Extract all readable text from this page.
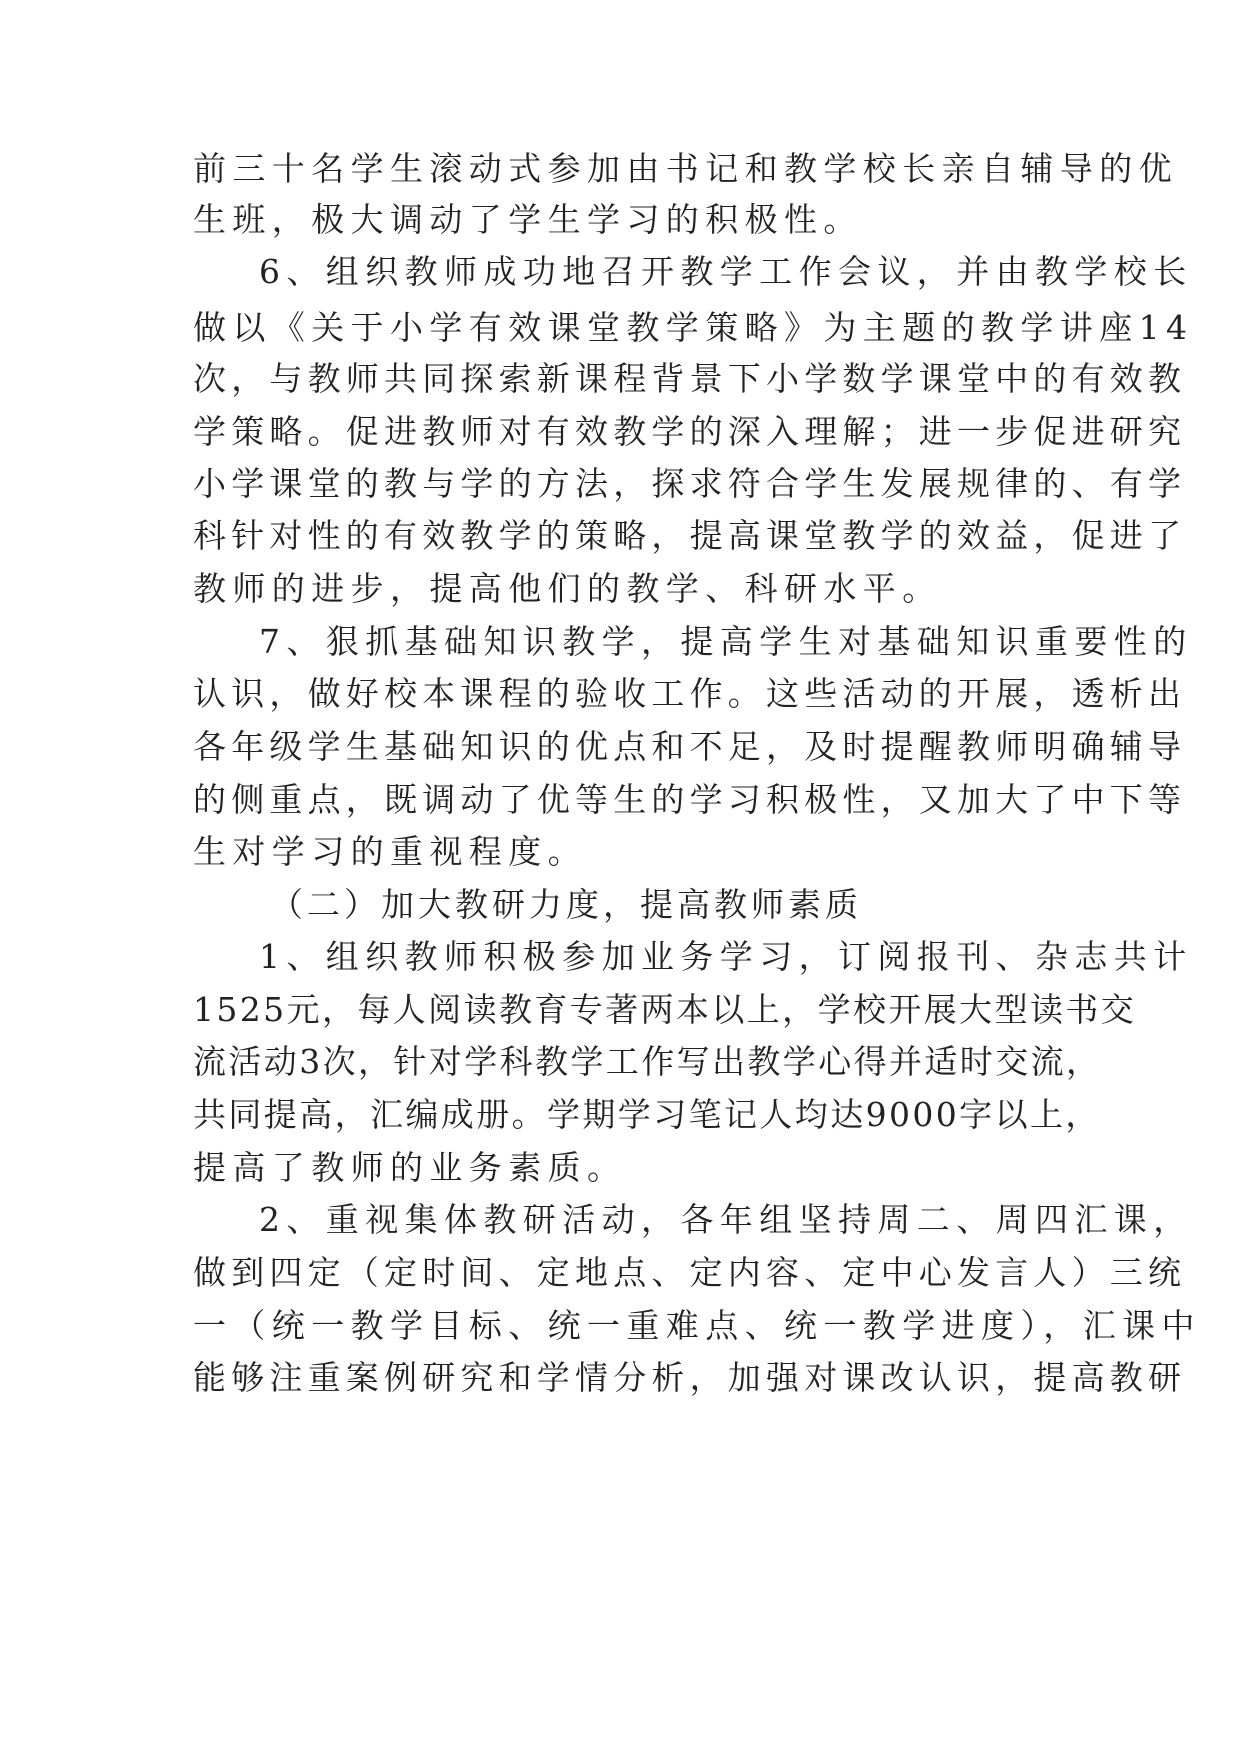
前三十名学生滚动式参加由书记和教学校长亲自辅导的优
生班，极大调动了学生学习的积极性。
6、组织教师成功地召开教学工作会议，并由教学校长
做以《关于小学有效课堂教学策略》为主题的教学讲座14
次，与教师共同探索新课程背景下小学数学课堂中的有效教
学策略。促进教师对有效教学的深入理解；进一步促进研究
小学课堂的教与学的方法，探求符合学生发展规律的、有学
科针对性的有效教学的策略，提高课堂教学的效益，促进了
教师的进步，提高他们的教学、科研水平。
7、狠抓基础知识教学，提高学生对基础知识重要性的
认识，做好校本课程的验收工作。这些活动的开展，透析出
各年级学生基础知识的优点和不足，及时提醒教师明确辅导
的侧重点，既调动了优等生的学习积极性，又加大了中下等
生对学习的重视程度。
（二）加大教研力度，提高教师素质
1、组织教师积极参加业务学习，订阅报刊、杂志共计
1525元，每人阅读教育专著两本以上，学校开展大型读书交
流活动3次，针对学科教学工作写出教学心得并适时交流，
共同提高，汇编成册。学期学习笔记人均达9000字以上，
提高了教师的业务素质。
2、重视集体教研活动，各年组坚持周二、周四汇课，
做到四定（定时间、定地点、定内容、定中心发言人）三统
一（统一教学目标、统一重难点、统一教学进度），汇课中
能够注重案例研究和学情分析，加强对课改认识，提高教研
